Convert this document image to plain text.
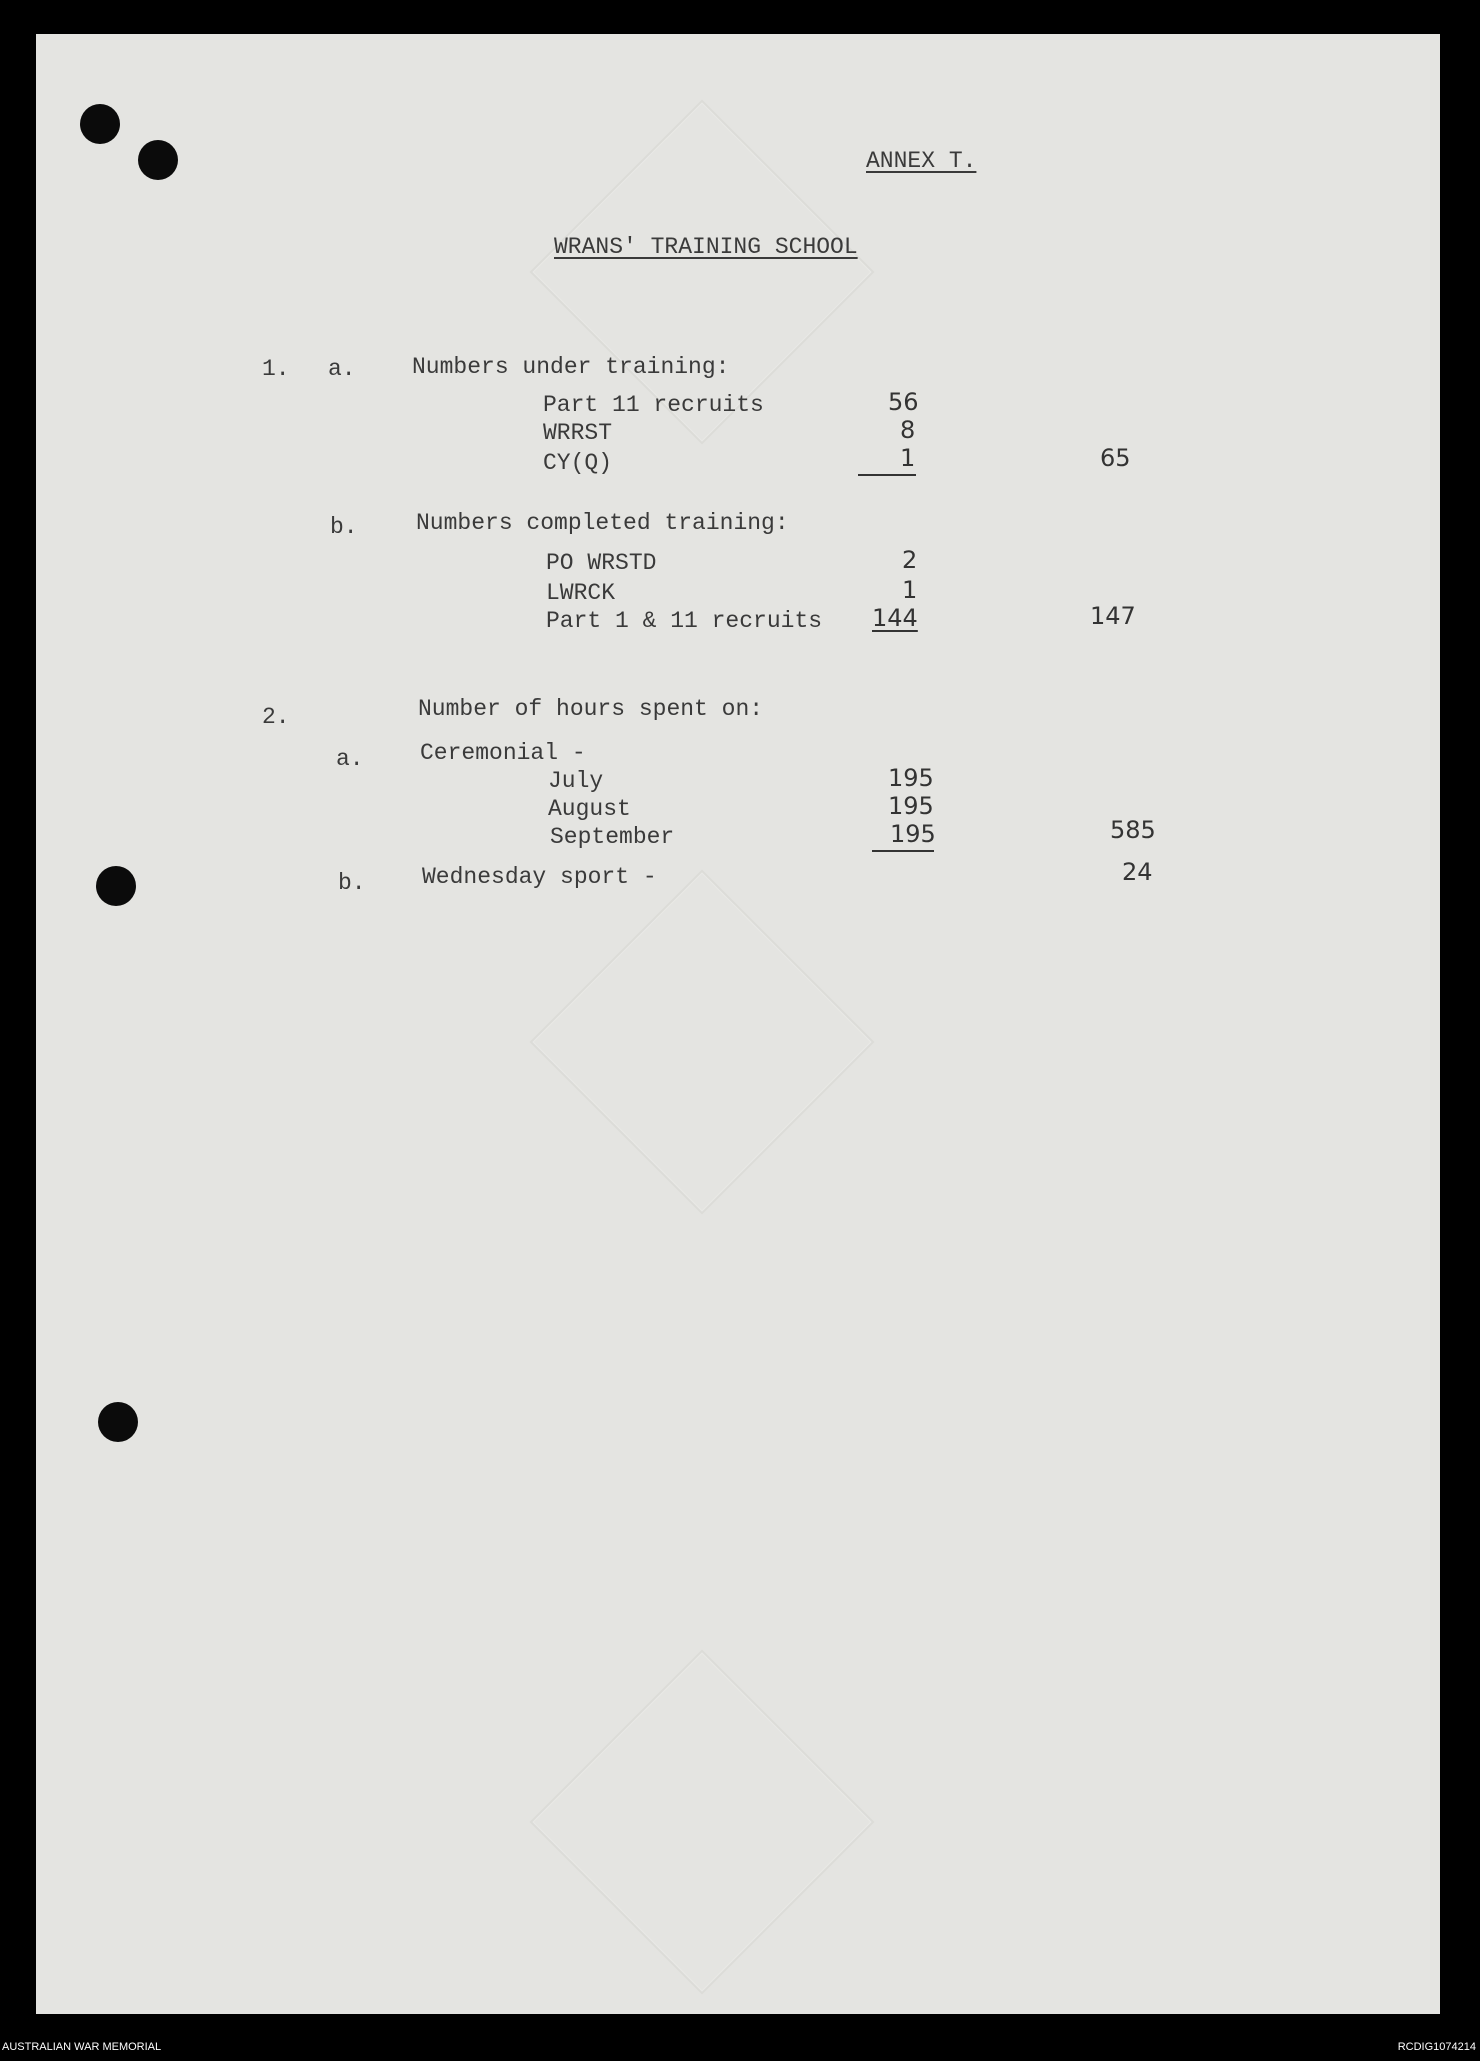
ANNEX T.
WRANS' TRAINING SCHOOL
1. a. Numbers under training:
Part 11 recruits	56
WRRST	8
CY(Q)	1	65
b.	Numbers completed training:
PO WRSTD	2
LWRCK	1
Part 1 & 11 recruits 144	147
2.	Number of hours spent on:
a. Ceremonial -
July	195
August	195
September	195	585
b. Wednesday sport -	24
AUSTRALIAN WAR MEMORIAL	RCDIG1074214
